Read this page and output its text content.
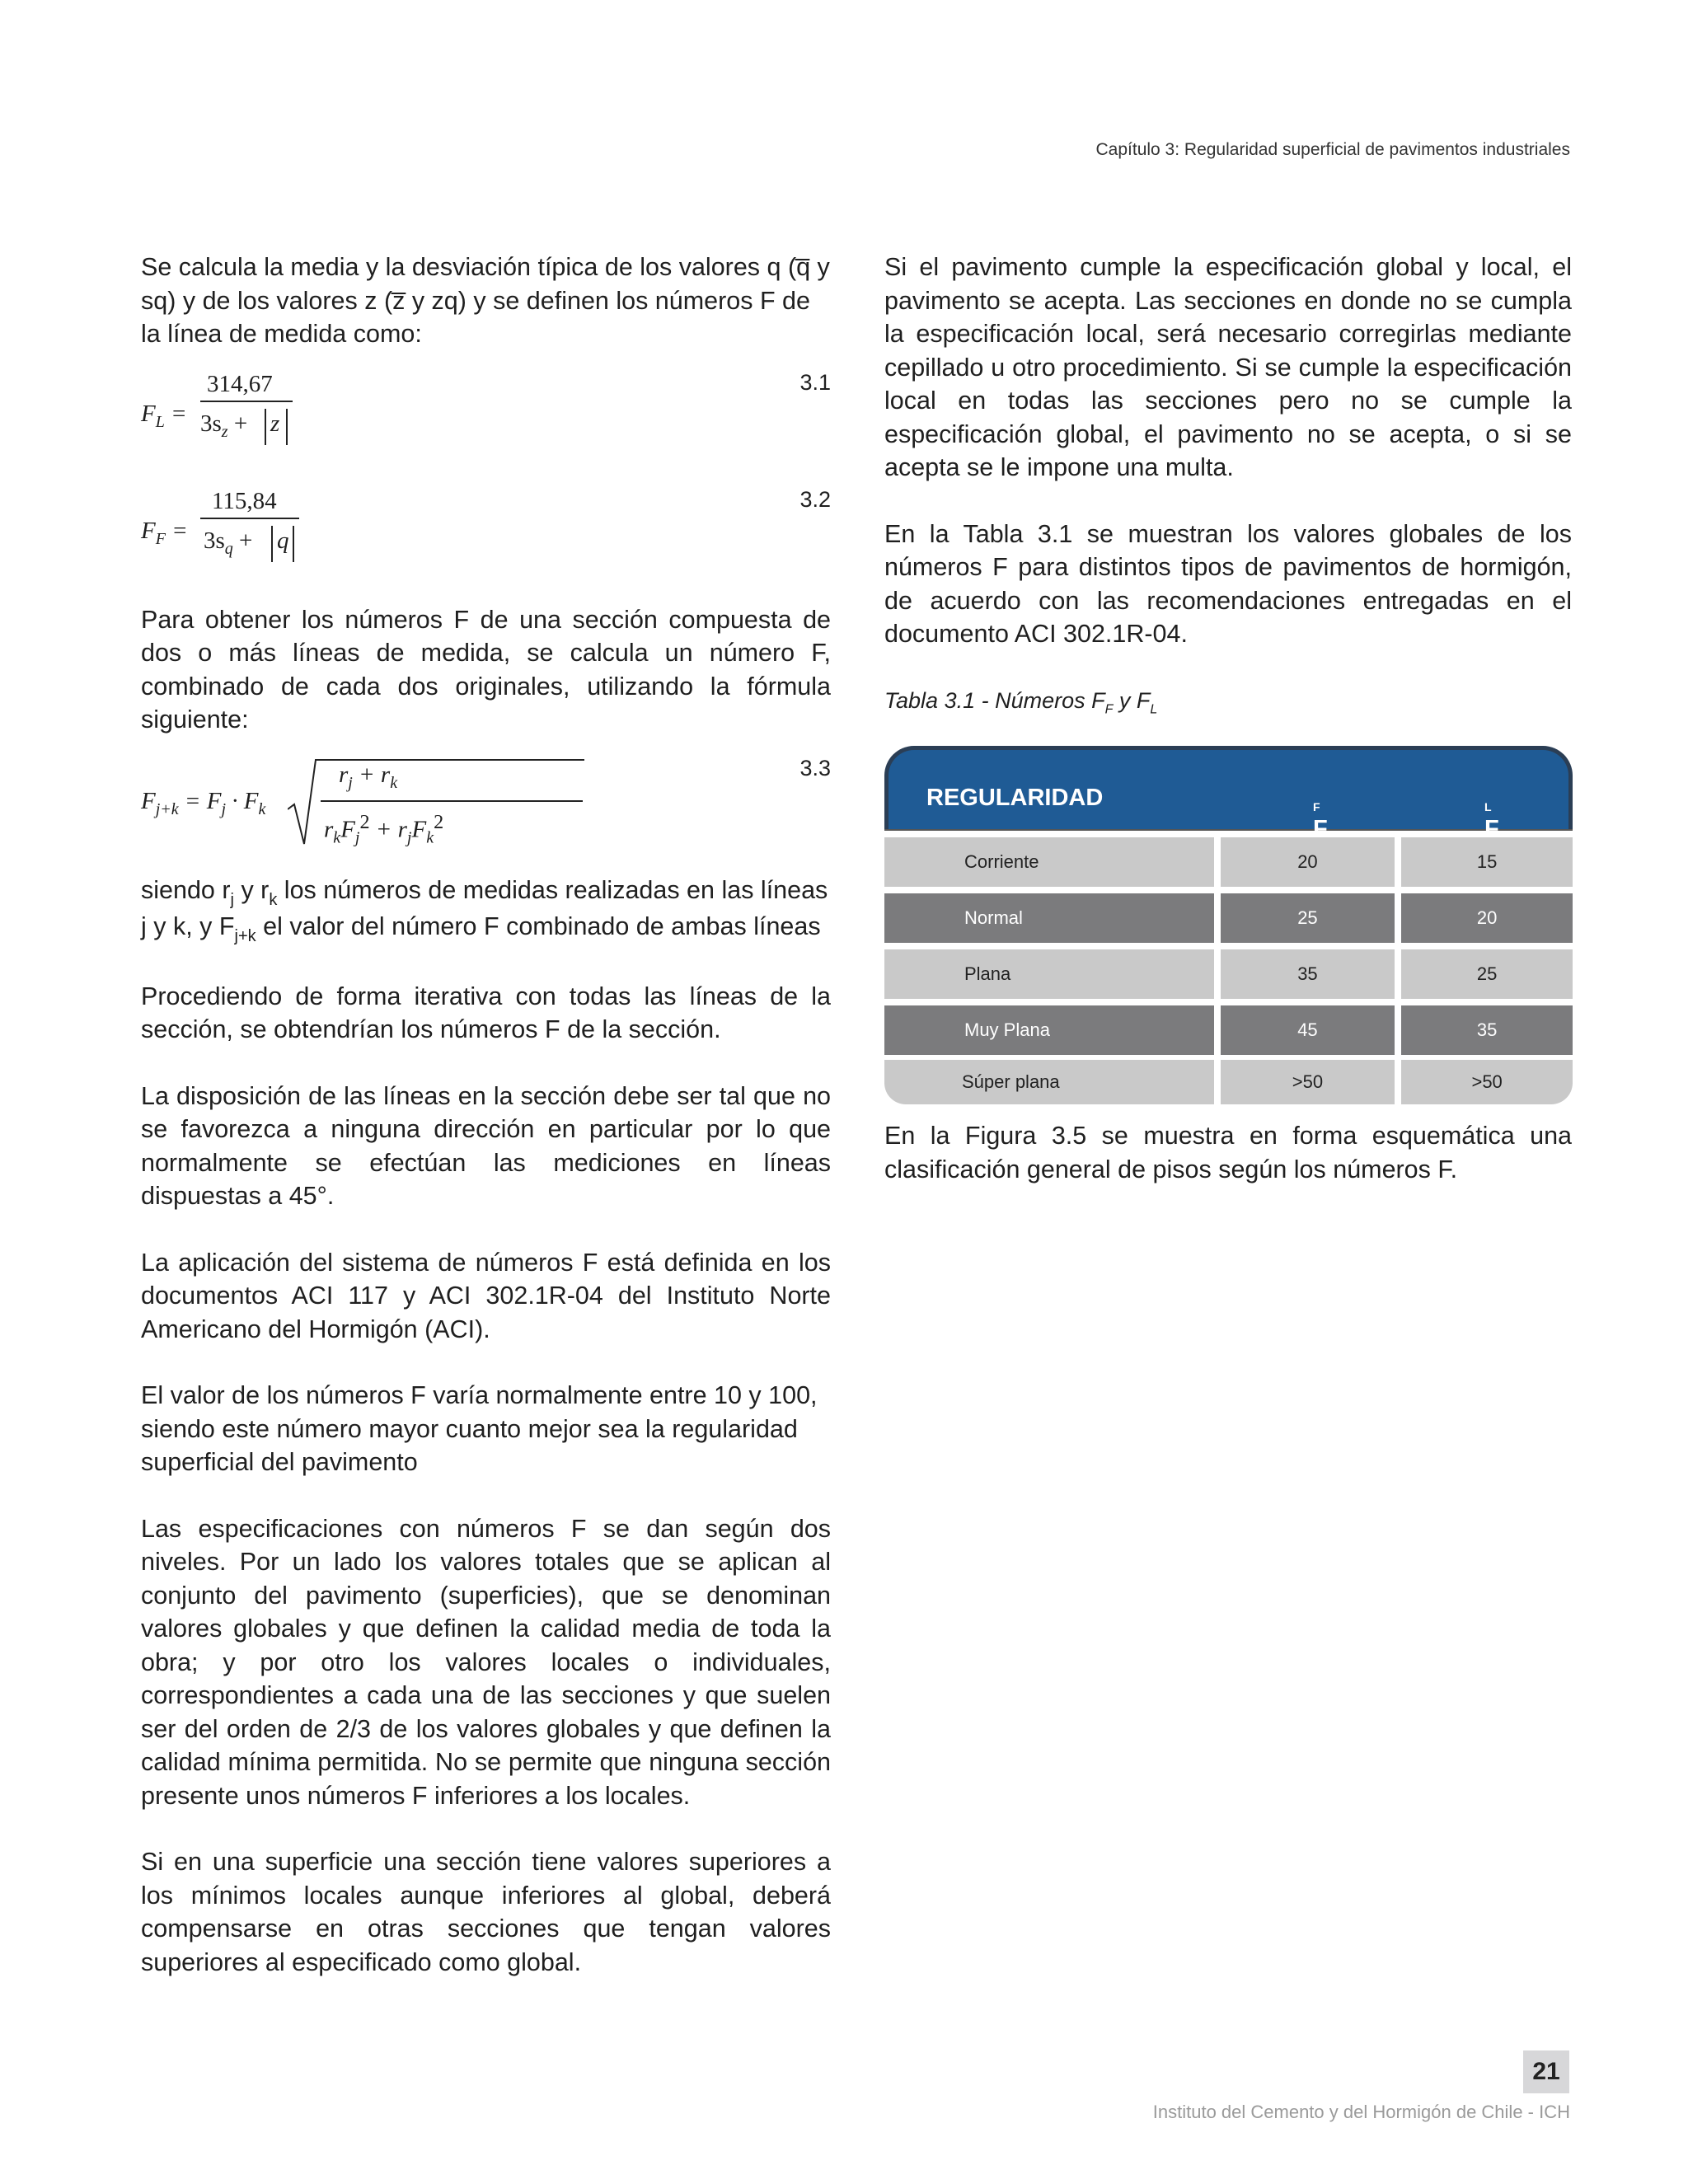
Capítulo 3: Regularidad superficial de pavimentos industriales

Se calcula la media y la desviación típica de los valores q (q̅ y sq) y de los valores z (z̅ y zq) y se definen los números F de la línea de medida como:

$F_L$ =
314,67
$3s_z + z$
3.1
$F_F$ =
115,84
$3s_q + q$
3.2

Para obtener los números F de una sección compuesta de dos o más líneas de medida, se calcula un número F, combinado de cada dos originales, utilizando la fórmula siguiente:

$F_{j+k} = F_j \cdot F_k$
$r_j + r_k$
$r_kF_j^2 + r_jF_k^2$
3.3

siendo $r_j$ y $r_k$ los números de medidas realizadas en las líneas j y k, y $F_{j+k}$ el valor del número F combinado de ambas líneas

Procediendo de forma iterativa con todas las líneas de la sección, se obtendrían los números F de la sección.

La disposición de las líneas en la sección debe ser tal que no se favorezca a ninguna dirección en particular por lo que normalmente se efectúan las mediciones en líneas dispuestas a 45°.

La aplicación del sistema de números F está definida en los documentos ACI 117 y ACI 302.1R-04 del Instituto Norte Americano del Hormigón (ACI).

El valor de los números F varía normalmente entre 10 y 100, siendo este número mayor cuanto mejor sea la regularidad superficial del pavimento

Las especificaciones con números F se dan según dos niveles. Por un lado los valores totales que se aplican al conjunto del pavimento (superficies), que se denominan valores globales y que definen la calidad media de toda la obra; y por otro los valores locales o individuales, correspondientes a cada una de las secciones y que suelen ser del orden de 2/3 de los valores globales y que definen la calidad mínima permitida. No se permite que ninguna sección presente unos números F inferiores a los locales.

Si en una superficie una sección tiene valores superiores a los mínimos locales aunque inferiores al global, deberá compensarse en otras secciones que tengan valores superiores al especificado como global.

Si el pavimento cumple la especificación global y local, el pavimento se acepta. Las secciones en donde no se cumpla la especificación local, será necesario corregirlas mediante cepillado u otro procedimiento. Si se cumple la especificación local en todas las secciones pero no se cumple la especificación global, el pavimento no se acepta, o si se acepta se le impone una multa.

En la Tabla 3.1 se muestran los valores globales de los números F para distintos tipos de pavimentos de hormigón, de acuerdo con las recomendaciones entregadas en el documento ACI 302.1R-04.

Tabla 3.1 - Números $F_F$ y $F_L$
REGULARIDAD
F
$_F$
F
$_L$
Corriente	20	15
Normal	25	20
Plana	35	25
Muy Plana	45	35
Súper plana	>50	>50

En la Figura 3.5 se muestra en forma esquemática una clasificación general de pisos según los números F.

21
Instituto del Cemento y del Hormigón de Chile - ICH
